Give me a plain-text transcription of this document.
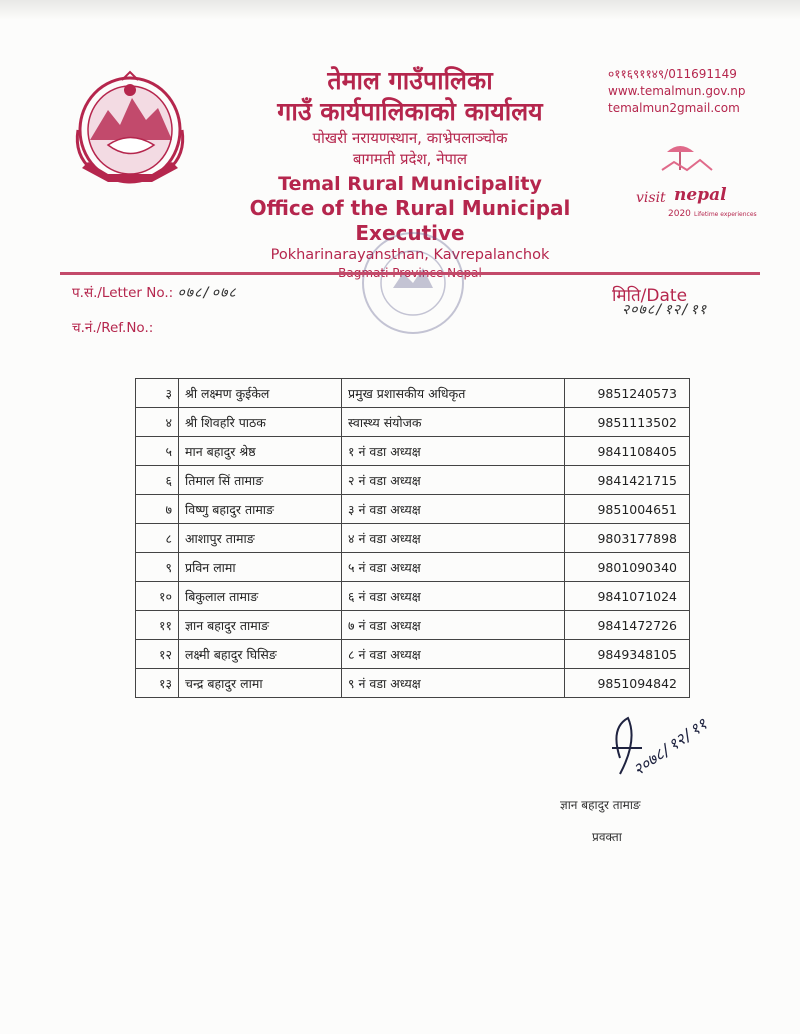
तेमाल गाउँपालिका
गाउँ कार्यपालिकाको कार्यालय
पोखरी नरायणस्थान, काभ्रेपलाञ्चोक
बागमती प्रदेश, नेपाल
Temal Rural Municipality
Office of the Rural Municipal Executive
Pokharinarayansthan, Kavrepalanchok
०११६९११४९/011691149
www.temalmun.gov.np
temalmun2gmail.com
visit nepal
2020 Lifetime experiences
प.सं./Letter No.: ०७८/०७८
च.नं./Ref.No.:
मिति/Date
२०७८/१२/११
३	श्री लक्ष्मण कुईकेल	प्रमुख प्रशासकीय अधिकृत	9851240573
४	श्री शिवहरि पाठक	स्वास्थ्य संयोजक	9851113502
५	मान बहादुर श्रेष्ठ	१ नं वडा अध्यक्ष	9841108405
६	तिमाल सिं तामाङ	२ नं वडा अध्यक्ष	9841421715
७	विष्णु बहादुर तामाङ	३ नं वडा अध्यक्ष	9851004651
८	आशापुर तामाङ	४ नं वडा अध्यक्ष	9803177898
९	प्रविन लामा	५ नं वडा अध्यक्ष	9801090340
१०	बिकुलाल तामाङ	६ नं वडा अध्यक्ष	9841071024
११	ज्ञान बहादुर तामाङ	७ नं वडा अध्यक्ष	9841472726
१२	लक्ष्मी बहादुर घिसिङ	८ नं वडा अध्यक्ष	9849348105
१३	चन्द्र बहादुर लामा	९ नं वडा अध्यक्ष	9851094842
२०७८/१२/११
ज्ञान बहादुर तामाङ
प्रवक्ता
